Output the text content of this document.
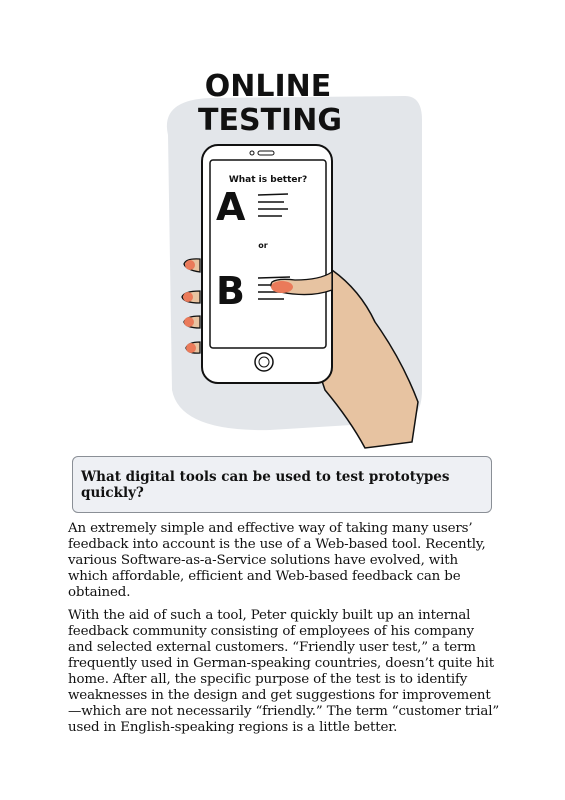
ONLINE
TESTING
What is better?
A
or
B
What digital tools can be used to test prototypes quickly?

An extremely simple and effective way of taking many users’ feedback into account is the use of a Web-based tool. Recently, various Software-as-a-Service solutions have evolved, with which affordable, efficient and Web-based feedback can be obtained.

With the aid of such a tool, Peter quickly built up an internal feedback community consisting of employees of his company and selected external customers. “Friendly user test,” a term frequently used in German-speaking countries, doesn’t quite hit home. After all, the specific purpose of the test is to identify weaknesses in the design and get suggestions for improvement—which are not necessarily “friendly.” The term “customer trial” used in English-speaking regions is a little better.
